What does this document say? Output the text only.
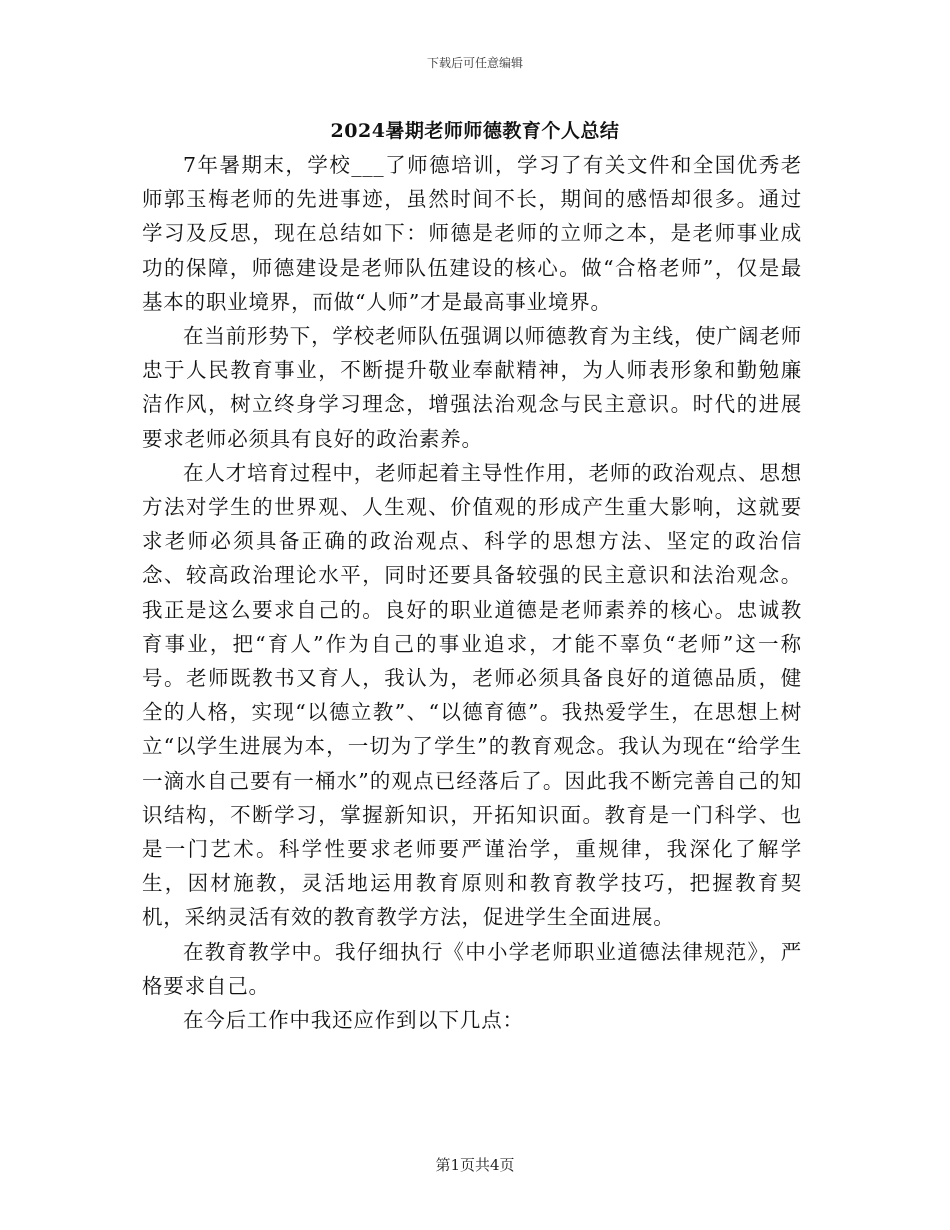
下载后可任意编辑
2024暑期老师师德教育个人总结

7年暑期末，学校___了师德培训，学习了有关文件和全国优秀老师郭玉梅老师的先进事迹，虽然时间不长，期间的感悟却很多。通过学习及反思，现在总结如下：师德是老师的立师之本，是老师事业成功的保障，师德建设是老师队伍建设的核心。做“合格老师”，仅是最基本的职业境界，而做“人师”才是最高事业境界。

在当前形势下，学校老师队伍强调以师德教育为主线，使广阔老师忠于人民教育事业，不断提升敬业奉献精神，为人师表形象和勤勉廉洁作风，树立终身学习理念，增强法治观念与民主意识。时代的进展要求老师必须具有良好的政治素养。

在人才培育过程中，老师起着主导性作用，老师的政治观点、思想方法对学生的世界观、人生观、价值观的形成产生重大影响，这就要求老师必须具备正确的政治观点、科学的思想方法、坚定的政治信念、较高政治理论水平，同时还要具备较强的民主意识和法治观念。我正是这么要求自己的。良好的职业道德是老师素养的核心。忠诚教育事业，把“育人”作为自己的事业追求，才能不辜负“老师”这一称号。老师既教书又育人，我认为，老师必须具备良好的道德品质，健全的人格，实现“以德立教”、“以德育德”。我热爱学生，在思想上树立“以学生进展为本，一切为了学生”的教育观念。我认为现在“给学生一滴水自己要有一桶水”的观点已经落后了。因此我不断完善自己的知识结构，不断学习，掌握新知识，开拓知识面。教育是一门科学、也是一门艺术。科学性要求老师要严谨治学，重规律，我深化了解学生，因材施教，灵活地运用教育原则和教育教学技巧，把握教育契机，采纳灵活有效的教育教学方法，促进学生全面进展。

在教育教学中。我仔细执行《中小学老师职业道德法律规范》，严格要求自己。

在今后工作中我还应作到以下几点：

第1页共4页
